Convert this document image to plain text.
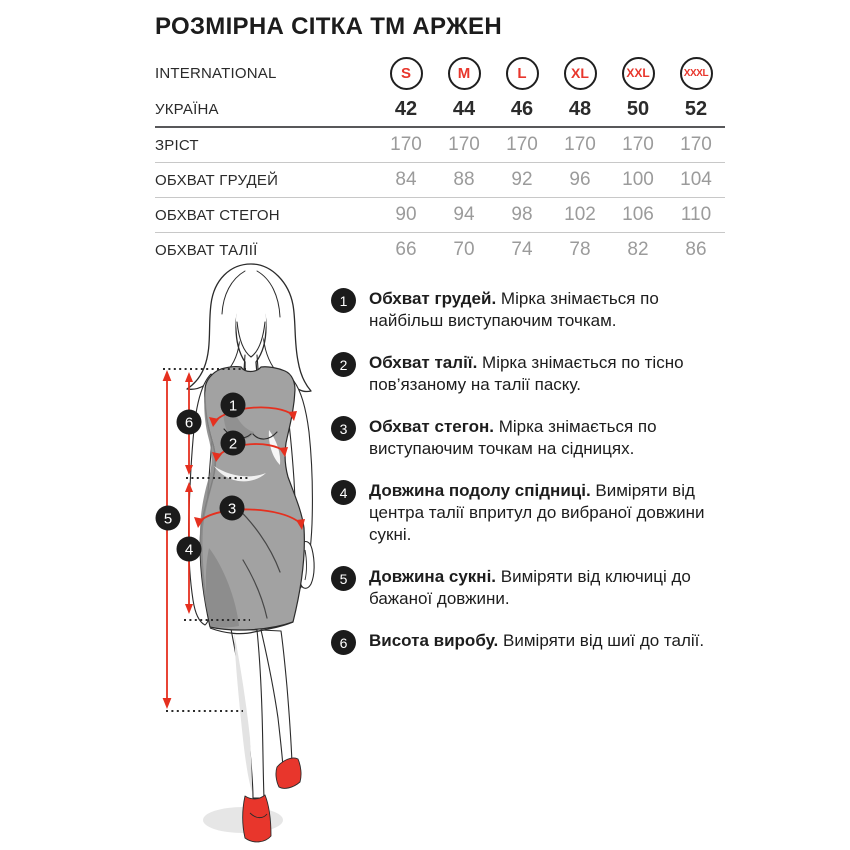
РОЗМІРНА СІТКА ТМ АРЖЕН
INTERNATIONAL	S	M	L	XL	XXL	XXXL
УКРАЇНА	42 44 46 48 50 52
ЗРІСТ	170 170 170 170 170 170
ОБХВАТ ГРУДЕЙ	84 88 92 96 100 104
ОБХВАТ СТЕГОН	90 94 98 102 106 110
ОБХВАТ ТАЛІЇ	66 70 74 78 82 86
1
2
3
4
5
6
1	Обхват грудей. Мірка знімається по найбільш виступаючим точкам.
2	Обхват талії. Мірка знімається по тісно пов’язаному на талії паску.
3	Обхват стегон. Мірка знімається по виступаючим точкам на сідницях.
4	Довжина подолу спідниці. Виміряти від центра талії впритул до вибраної довжини сукні.
5	Довжина сукні. Виміряти від ключиці до бажаної довжини.
6	Висота виробу. Виміряти від шиї до талії.
